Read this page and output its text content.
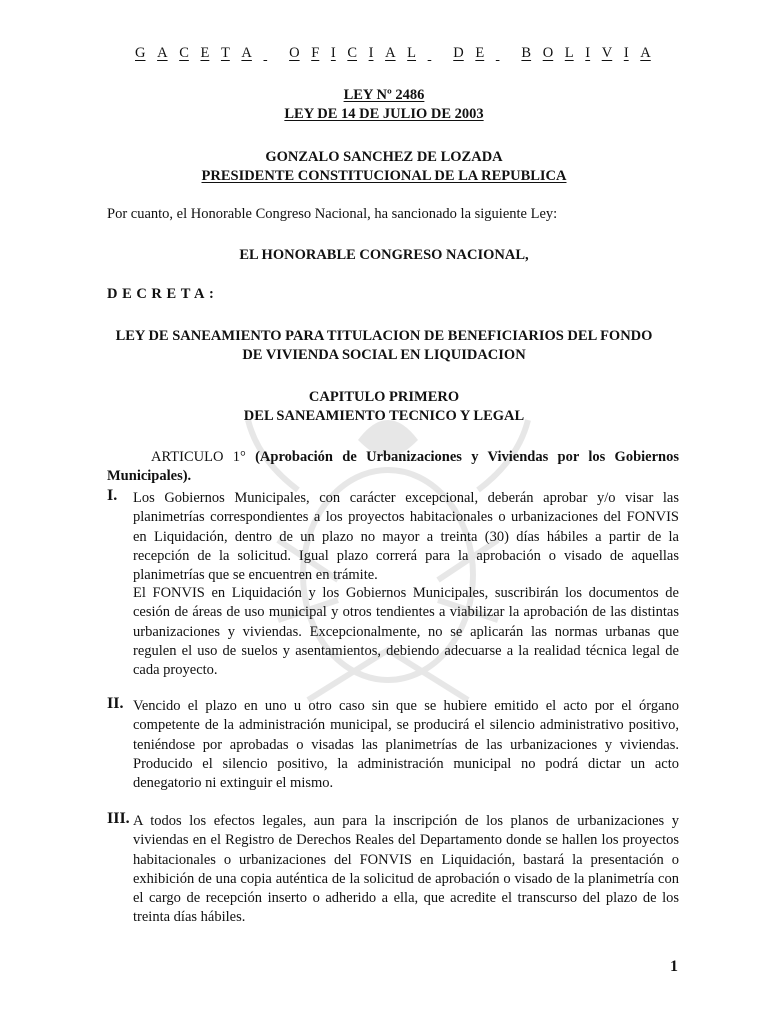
G A C E T A
	O F I C I A L
	D E
	B O L I V I A
LEY Nº 2486
LEY DE 14 DE JULIO DE 2003
GONZALO SANCHEZ DE LOZADA
PRESIDENTE CONSTITUCIONAL DE LA REPUBLICA
Por cuanto, el Honorable Congreso Nacional, ha sancionado la siguiente Ley:
EL HONORABLE CONGRESO NACIONAL,
DECRETA:
LEY DE SANEAMIENTO PARA TITULACION DE BENEFICIARIOS DEL FONDO
DE VIVIENDA SOCIAL EN LIQUIDACION
CAPITULO PRIMERO
DEL SANEAMIENTO TECNICO Y LEGAL
ARTICULO 1° (Aprobación de Urbanizaciones y Viviendas por los Gobiernos Municipales).
I. Los Gobiernos Municipales, con carácter excepcional, deberán aprobar y/o visar las planimetrías correspondientes a los proyectos habitacionales o urbanizaciones del FONVIS en Liquidación, dentro de un plazo no mayor a treinta (30) días hábiles a partir de la recepción de la solicitud. Igual plazo correrá para la aprobación o visado de aquellas planimetrías que se encuentren en trámite.

El FONVIS en Liquidación y los Gobiernos Municipales, suscribirán los documentos de cesión de áreas de uso municipal y otros tendientes a viabilizar la aprobación de las distintas urbanizaciones y viviendas. Excepcionalmente, no se aplicarán las normas urbanas que regulen el uso de suelos y asentamientos, debiendo adecuarse a la realidad técnica legal de cada proyecto.

II. Vencido el plazo en uno u otro caso sin que se hubiere emitido el acto por el órgano competente de la administración municipal, se producirá el silencio administrativo positivo, teniéndose por aprobadas o visadas las planimetrías de las urbanizaciones y viviendas. Producido el silencio positivo, la administración municipal no podrá dictar un acto denegatorio ni extinguir el mismo.

III. A todos los efectos legales, aun para la inscripción de los planos de urbanizaciones y viviendas en el Registro de Derechos Reales del Departamento donde se hallen los proyectos habitacionales o urbanizaciones del FONVIS en Liquidación, bastará la presentación o exhibición de una copia auténtica de la solicitud de aprobación o visado de la planimetría con el cargo de recepción inserto o adherido a ella, que acredite el transcurso del plazo de los treinta días hábiles.

1
